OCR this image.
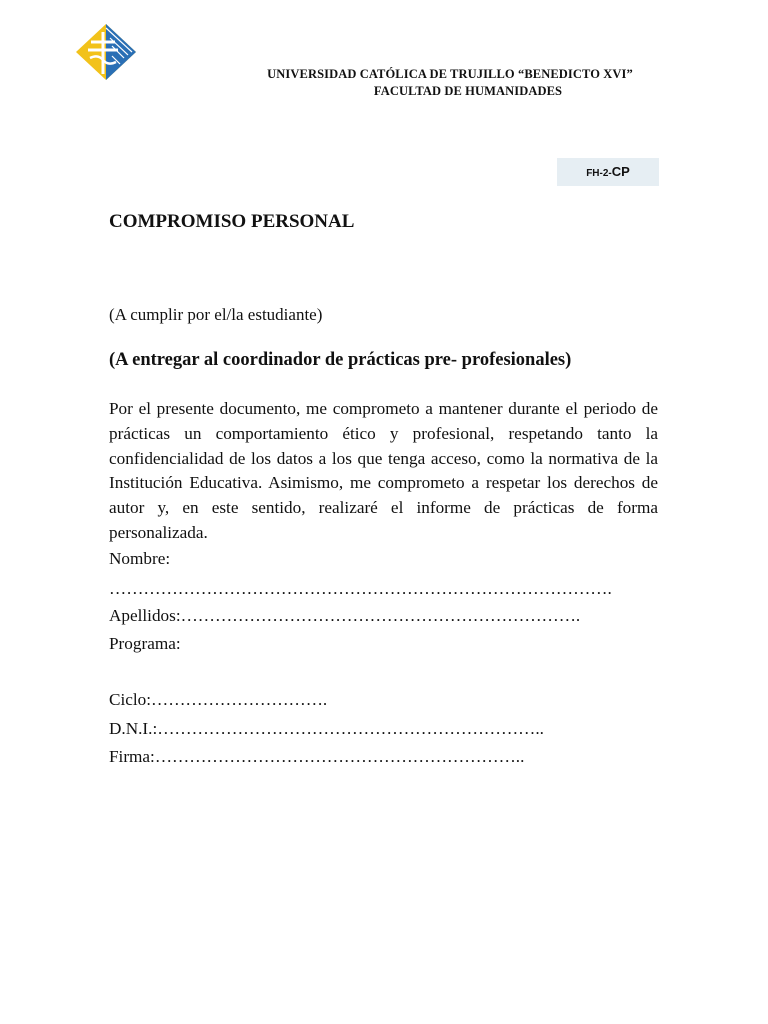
UNIVERSIDAD CATÓLICA DE TRUJILLO “BENEDICTO XVI”
FACULTAD DE HUMANIDADES
FH-2-CP
COMPROMISO PERSONAL
(A cumplir por el/la estudiante)
(A entregar al coordinador de prácticas pre- profesionales)
Por el presente documento, me comprometo a mantener durante el periodo de prácticas un comportamiento ético y profesional, respetando tanto la confidencialidad de los datos a los que tenga acceso, como la normativa de la Institución Educativa. Asimismo, me comprometo a respetar los derechos de autor y, en este sentido, realizaré el informe de prácticas de forma personalizada.
Nombre:
…………………………………………………………………………….
Apellidos:…………………………………………………………….
Programa:
Ciclo:………………………….
D.N.I.:…………………………………………………………..
Firma:………………………………………………………..
